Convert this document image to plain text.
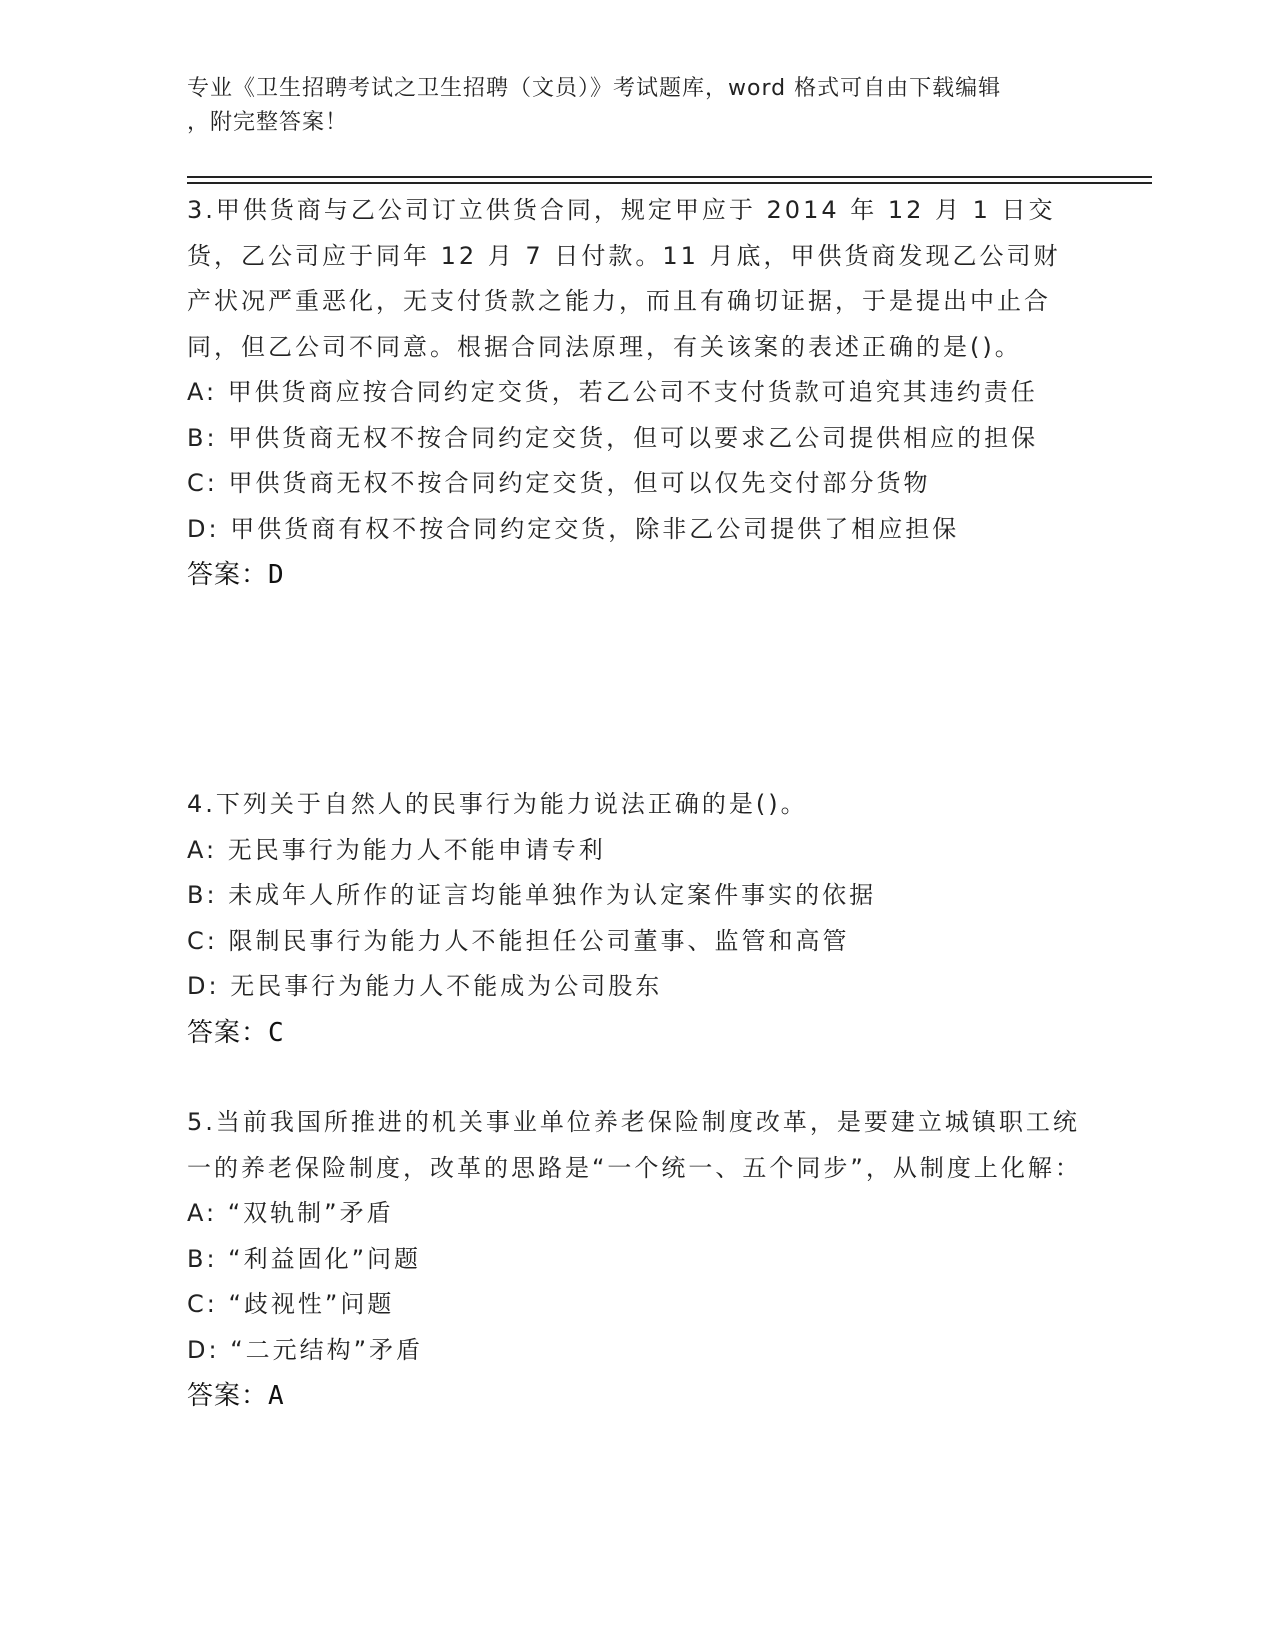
专业《卫生招聘考试之卫生招聘（文员）》考试题库，word 格式可自由下载编辑
，附完整答案！

3.甲供货商与乙公司订立供货合同，规定甲应于 2014 年 12 月 1 日交货，乙公司应于同年 12 月 7 日付款。11 月底，甲供货商发现乙公司财产状况严重恶化，无支付货款之能力，而且有确切证据，于是提出中止合同，但乙公司不同意。根据合同法原理，有关该案的表述正确的是()。

A: 甲供货商应按合同约定交货，若乙公司不支付货款可追究其违约责任

B: 甲供货商无权不按合同约定交货，但可以要求乙公司提供相应的担保

C: 甲供货商无权不按合同约定交货，但可以仅先交付部分货物

D: 甲供货商有权不按合同约定交货，除非乙公司提供了相应担保

答案：D

4.下列关于自然人的民事行为能力说法正确的是()。

A: 无民事行为能力人不能申请专利

B: 未成年人所作的证言均能单独作为认定案件事实的依据

C: 限制民事行为能力人不能担任公司董事、监管和高管

D: 无民事行为能力人不能成为公司股东

答案：C

5.当前我国所推进的机关事业单位养老保险制度改革，是要建立城镇职工统一的养老保险制度，改革的思路是“一个统一、五个同步”，从制度上化解：

A: “双轨制”矛盾

B: “利益固化”问题

C: “歧视性”问题

D: “二元结构”矛盾

答案：A
